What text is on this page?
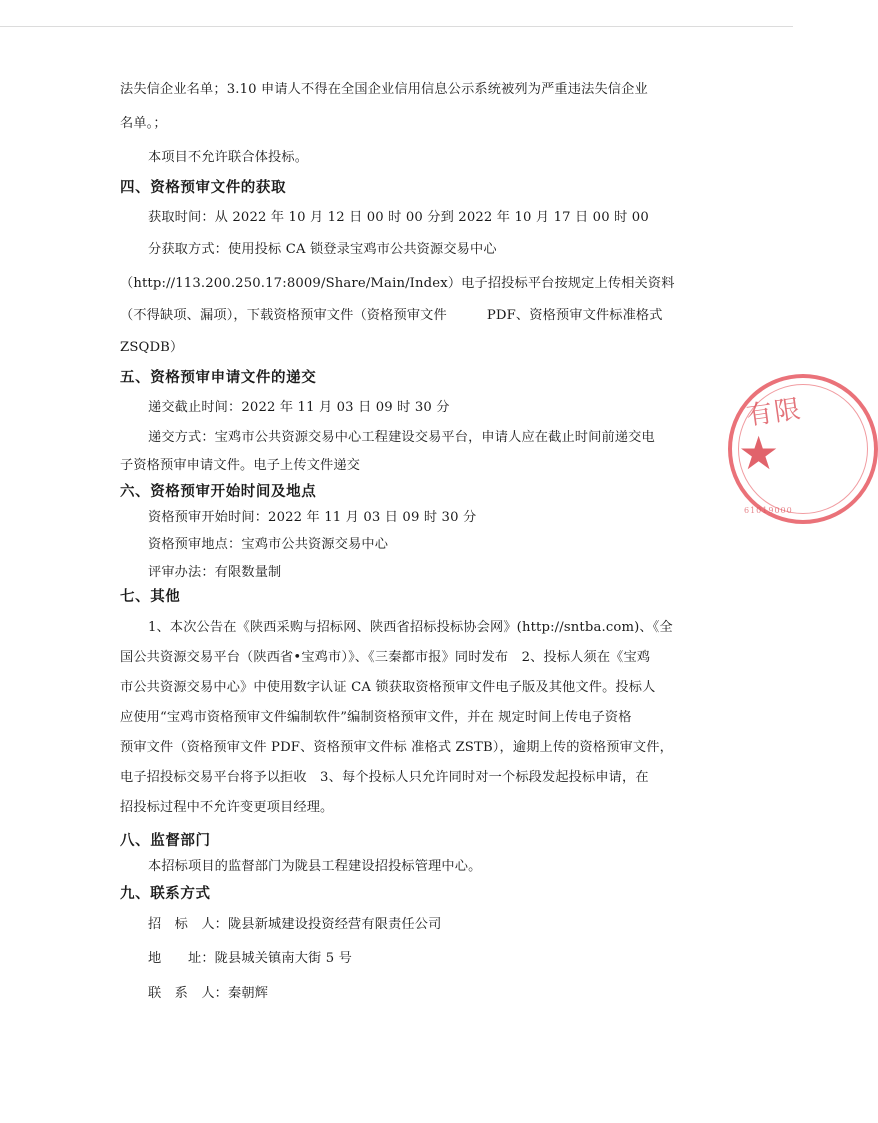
法失信企业名单；3.10 申请人不得在全国企业信用信息公示系统被列为严重违法失信企业
名单。；
本项目不允许联合体投标。
四、资格预审文件的获取
获取时间：从 2022 年 10 月 12 日 00 时 00 分到 2022 年 10 月 17 日 00 时 00
分获取方式：使用投标 CA 锁登录宝鸡市公共资源交易中心
（http://113.200.250.17:8009/Share/Main/Index）电子招投标平台按规定上传相关资料
（不得缺项、漏项），下载资格预审文件（资格预审文件　　　PDF、资格预审文件标准格式
ZSQDB）
五、资格预审申请文件的递交
递交截止时间：2022 年 11 月 03 日 09 时 30 分
递交方式：宝鸡市公共资源交易中心工程建设交易平台，申请人应在截止时间前递交电
子资格预审申请文件。电子上传文件递交
六、资格预审开始时间及地点
资格预审开始时间：2022 年 11 月 03 日 09 时 30 分
资格预审地点：宝鸡市公共资源交易中心
评审办法：有限数量制
七、其他
1、本次公告在《陕西采购与招标网、陕西省招标投标协会网》(http://sntba.com)、《全
国公共资源交易平台（陕西省•宝鸡市）》、《三秦都市报》同时发布　2、投标人须在《宝鸡
市公共资源交易中心》中使用数字认证 CA 锁获取资格预审文件电子版及其他文件。投标人
应使用“宝鸡市资格预审文件编制软件”编制资格预审文件，并在 规定时间上传电子资格
预审文件（资格预审文件 PDF、资格预审文件标 准格式 ZSTB），逾期上传的资格预审文件，
电子招投标交易平台将予以拒收　3、每个投标人只允许同时对一个标段发起投标申请，在
招投标过程中不允许变更项目经理。
八、监督部门
本招标项目的监督部门为陇县工程建设招投标管理中心。
九、联系方式
招　标　人：陇县新城建设投资经营有限责任公司
地　　址：陇县城关镇南大街 5 号
联　系　人：秦朝辉
有限
★
61019000
